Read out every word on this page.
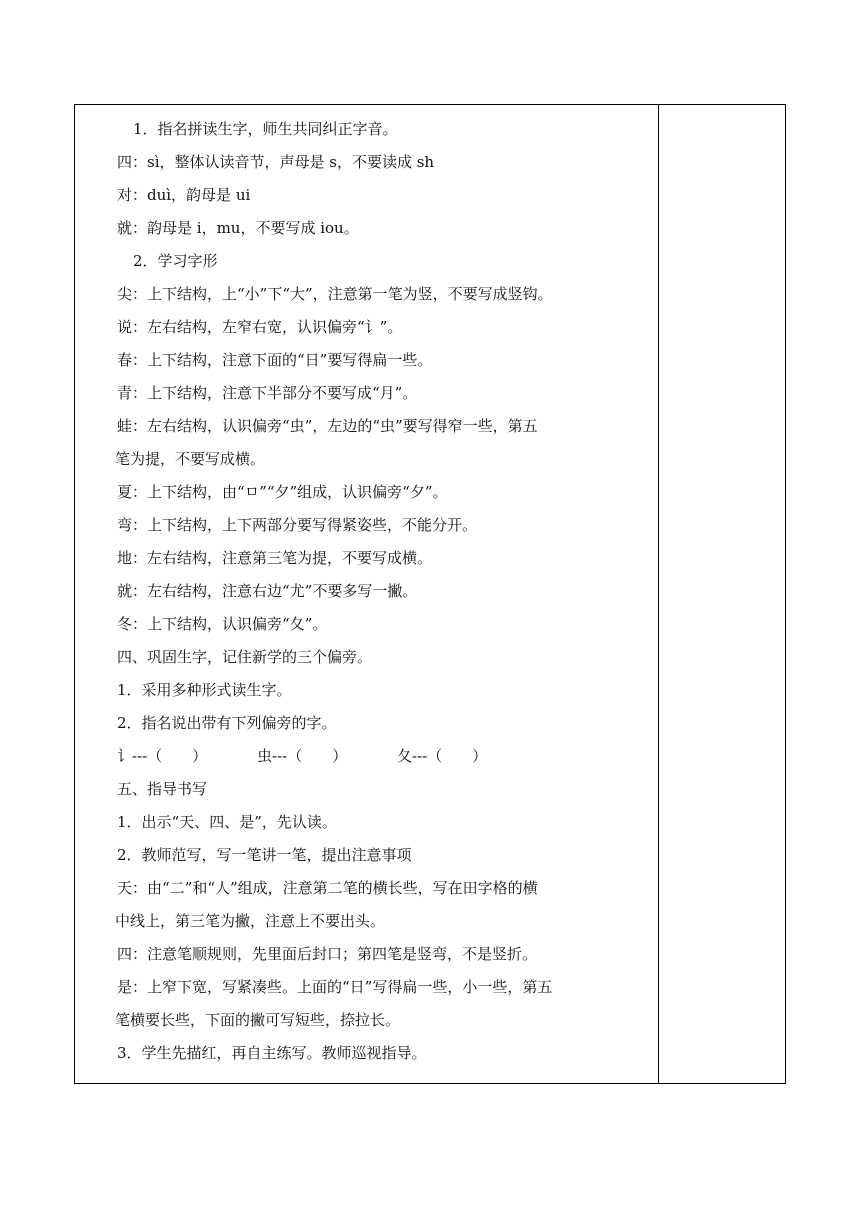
1．指名拼读生字，师生共同纠正字音。
四：sì，整体认读音节，声母是 s，不要读成 sh
对：duì，韵母是 ui
就：韵母是 i，mu，不要写成 iou。
2．学习字形
尖：上下结构，上“小”下“大”，注意第一笔为竖，不要写成竖钩。
说：左右结构，左窄右宽，认识偏旁“讠”。
春：上下结构，注意下面的“日”要写得扁一些。
青：上下结构，注意下半部分不要写成“月”。
蛙：左右结构，认识偏旁“虫”，左边的“虫”要写得窄一些，第五
笔为提，不要写成横。
夏：上下结构，由“ㅁ”“夕”组成，认识偏旁“夕”。
弯：上下结构，上下两部分要写得紧姿些，不能分开。
地：左右结构，注意第三笔为提，不要写成横。
就：左右结构，注意右边“尤”不要多写一撇。
冬：上下结构，认识偏旁“夂”。
四、巩固生字，记住新学的三个偏旁。
1．采用多种形式读生字。
2．指名说出带有下列偏旁的字。
讠---（　　）	虫---（　　）	夂---（　　）
五、指导书写
1．出示“天、四、是”，先认读。
2．教师范写，写一笔讲一笔，提出注意事项
天：由“二”和“人”组成，注意第二笔的横长些，写在田字格的横
中线上，第三笔为撇，注意上不要出头。
四：注意笔顺规则，先里面后封口；第四笔是竖弯，不是竖折。
是：上窄下宽，写紧凑些。上面的“日”写得扁一些，小一些，第五
笔横要长些，下面的撇可写短些，捺拉长。
3．学生先描红，再自主练写。教师巡视指导。
